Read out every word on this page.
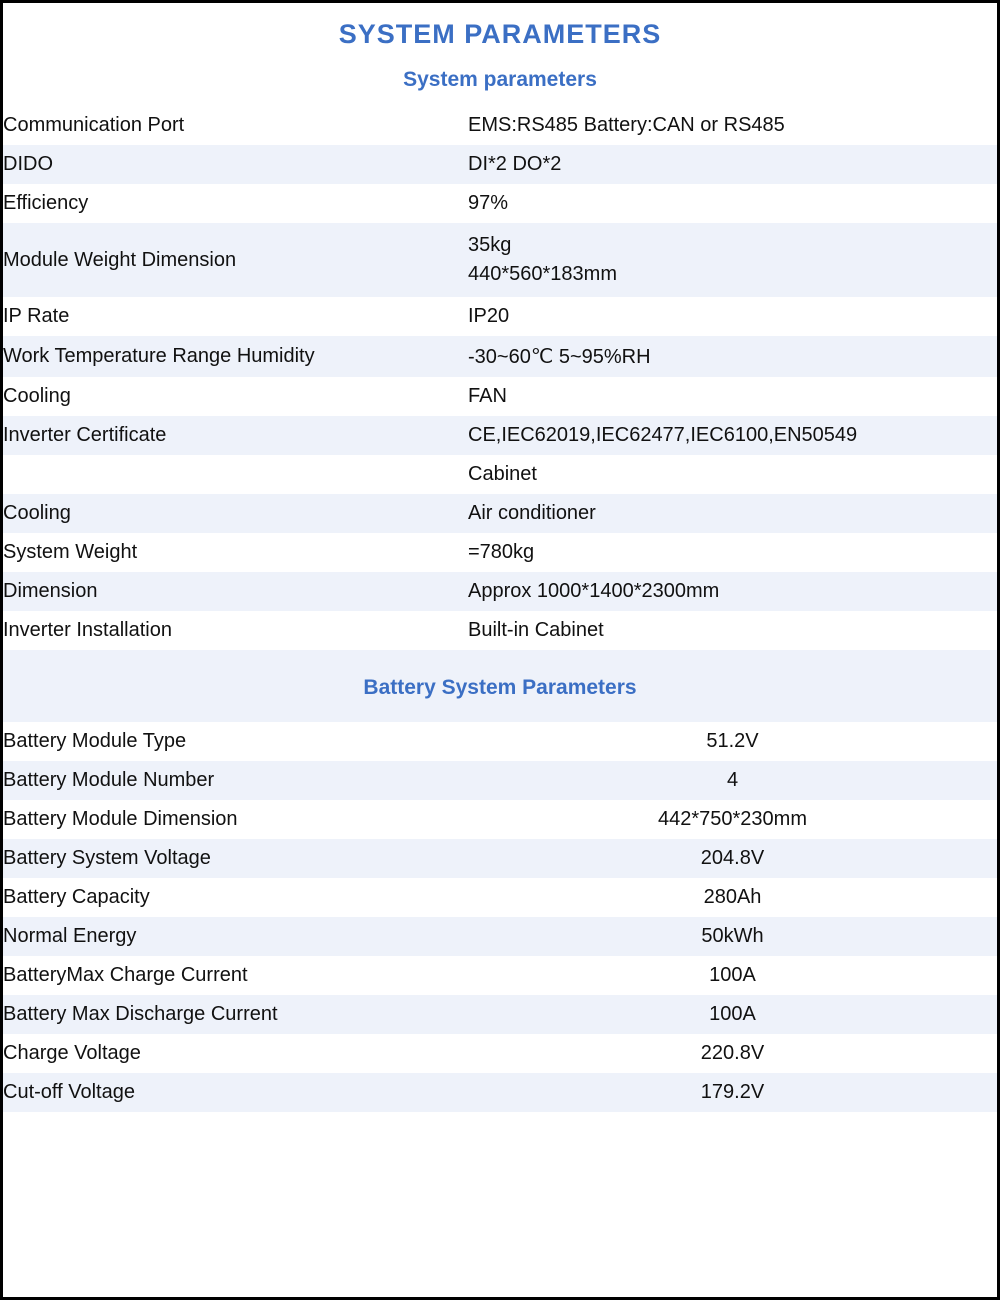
SYSTEM PARAMETERS
System parameters
Communication Port	EMS:RS485 Battery:CAN or RS485
DIDO	DI*2 DO*2
Efficiency	97%
Module Weight Dimension	35kg
440*560*183mm

IP Rate	IP20
Work Temperature Range Humidity	-30~60℃ 5~95%RH
Cooling	FAN
Inverter Certificate	CE,IEC62019,IEC62477,IEC6100,EN50549
	Cabinet
Cooling	Air conditioner
System Weight	=780kg
Dimension	Approx 1000*1400*2300mm
Inverter Installation	Built-in Cabinet
Battery System Parameters
Battery Module Type	51.2V
Battery Module Number	4
Battery Module Dimension	442*750*230mm
Battery System Voltage	204.8V
Battery Capacity	280Ah
Normal Energy	50kWh
BatteryMax Charge Current	100A
Battery Max Discharge Current	100A
Charge Voltage	220.8V
Cut-off Voltage	179.2V
